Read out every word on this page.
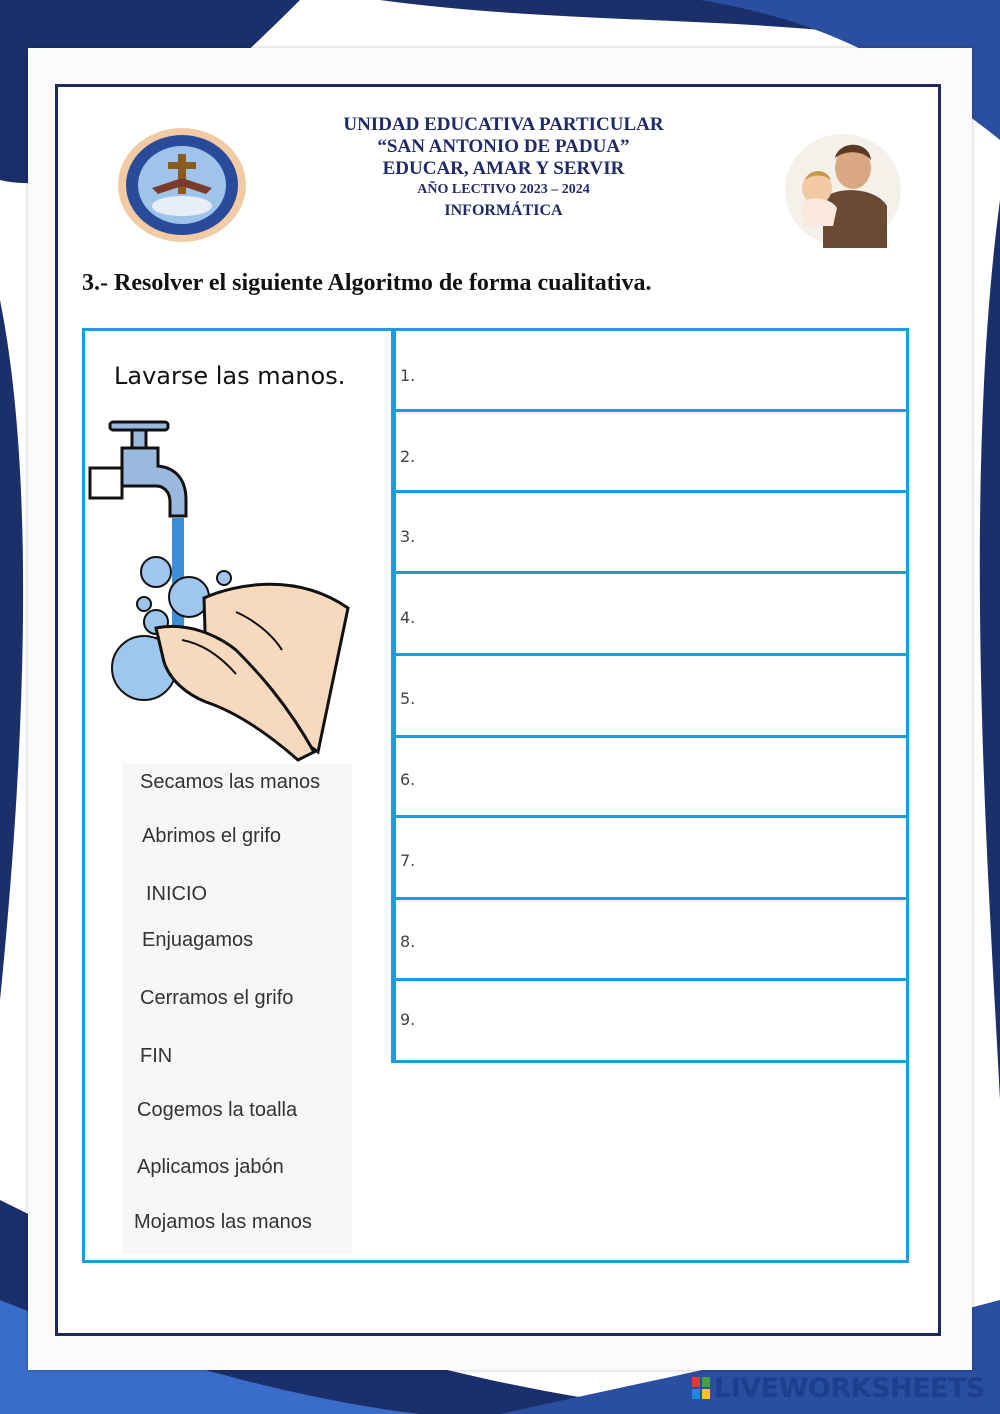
UNIDAD EDUCATIVA PARTICULAR
“SAN ANTONIO DE PADUA”
EDUCAR, AMAR Y SERVIR
AÑO LECTIVO 2023 – 2024
INFORMÁTICA
3.- Resolver el siguiente Algoritmo de forma cualitativa.
Lavarse las manos.
Secamos las manos
Abrimos el grifo
INICIO
Enjuagamos
Cerramos el grifo
FIN
Cogemos la toalla
Aplicamos jabón
Mojamos las manos
1.
2.
3.
4.
5.
6.
7.
8.
9.
LIVEWORKSHEETS
